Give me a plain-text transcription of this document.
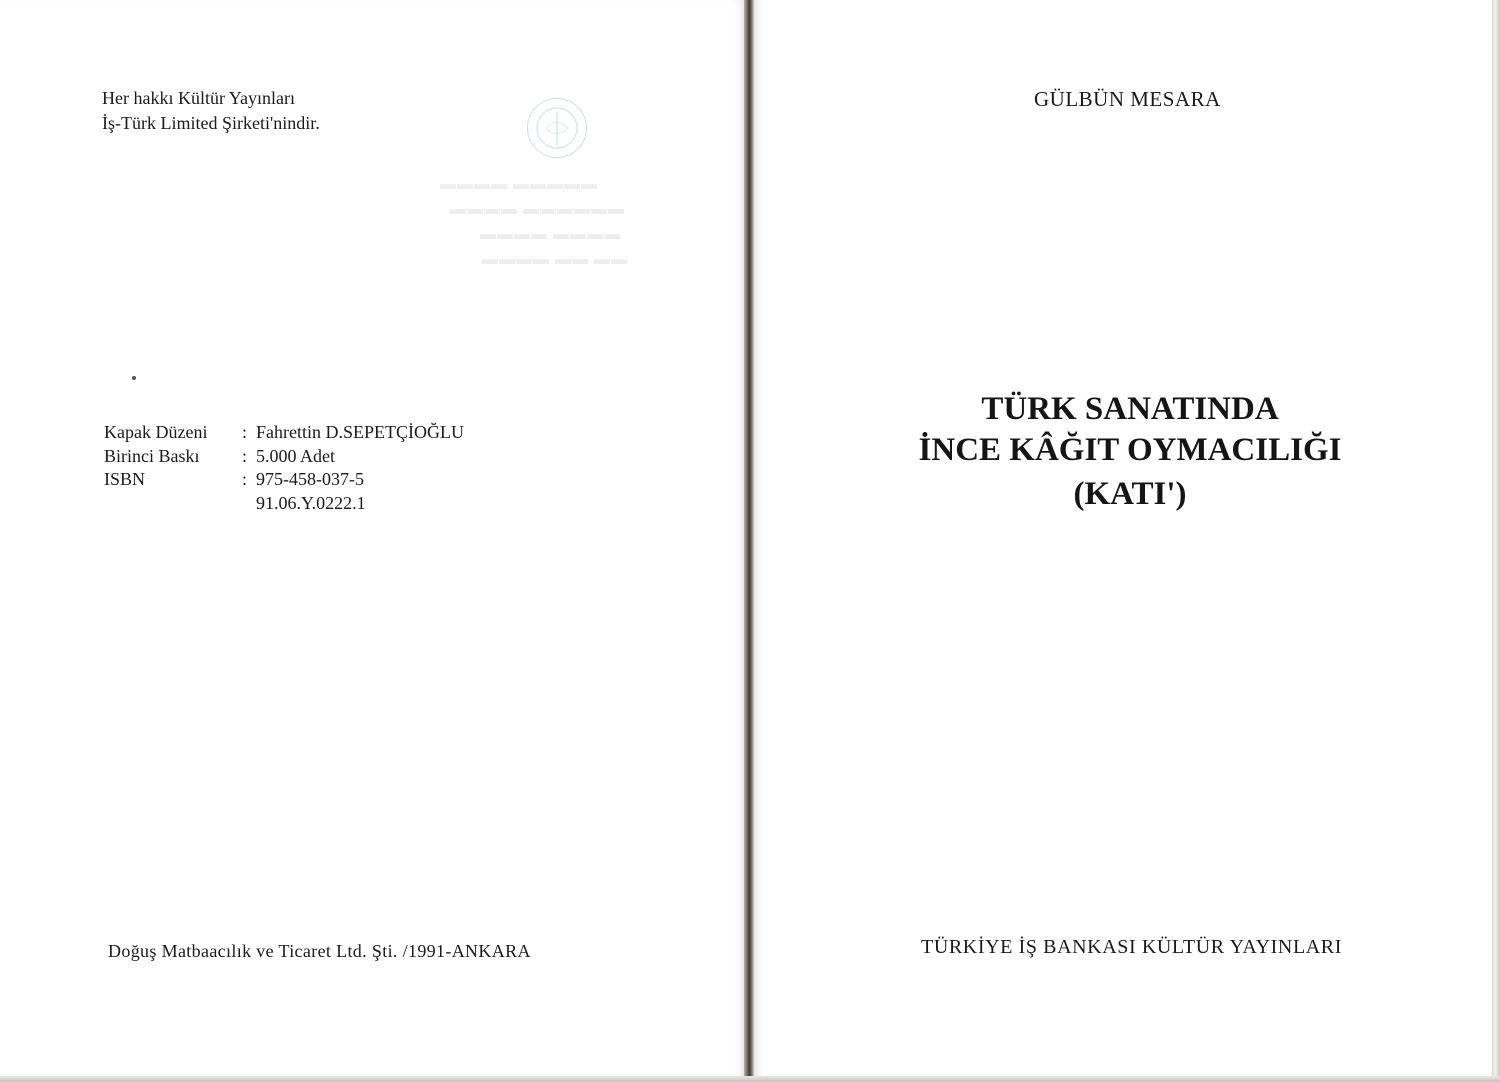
Her hakkı Kültür Yayınları
İş-Türk Limited Şirketi'nindir.
▬▬▬▬ ▬▬▬▬▬
▬▬▬▬ ▬▬▬▬▬▬
▬▬▬▬ ▬▬▬▬
▬▬▬▬ ▬▬ ▬▬
Kapak Düzeni	: Fahrettin D.SEPETÇİOĞLU
Birinci Baskı	: 5.000 Adet
ISBN	: 975-458-037-5
91.06.Y.0222.1
Doğuş Matbaacılık ve Ticaret Ltd. Şti. /1991-ANKARA
GÜLBÜN MESARA
TÜRK SANATINDA
İNCE KÂĞIT OYMACILIĞI
(KATI')
TÜRKİYE İŞ BANKASI KÜLTÜR YAYINLARI
